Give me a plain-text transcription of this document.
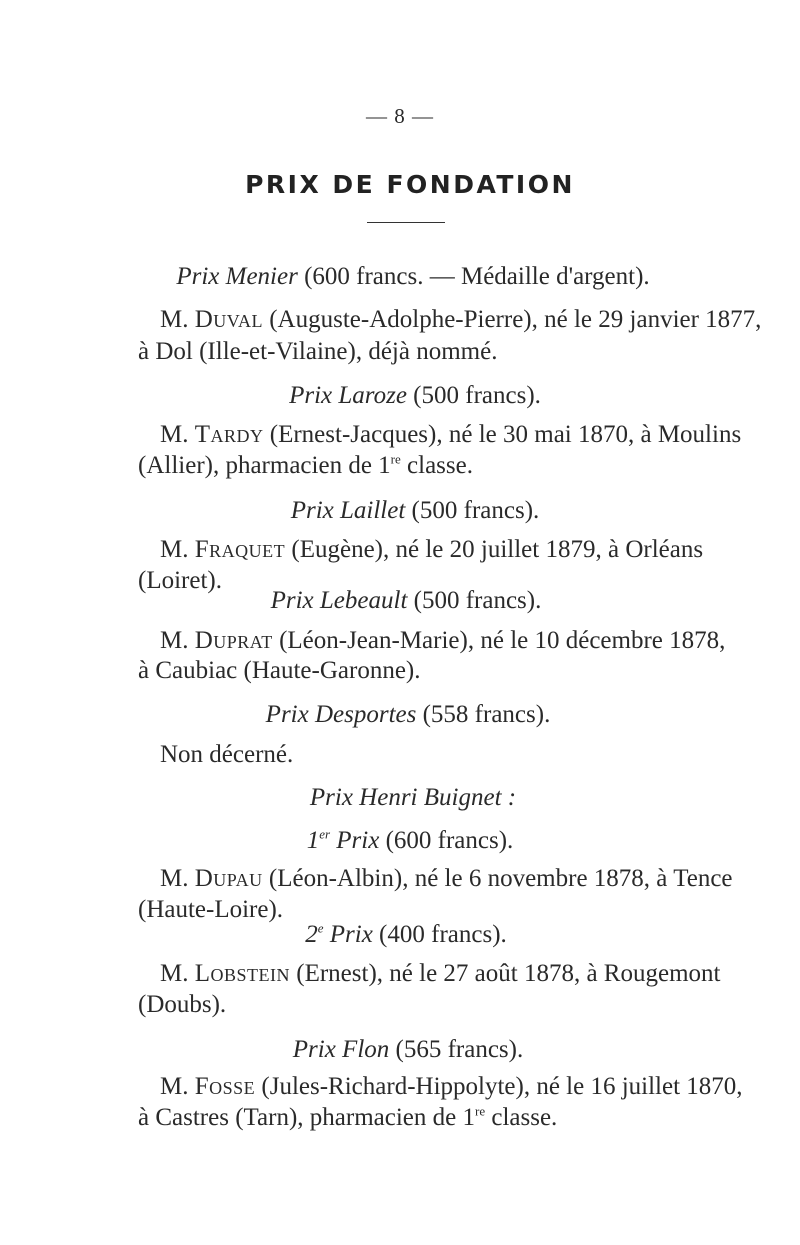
— 8 —
PRIX DE FONDATION
Prix Menier (600 francs. — Médaille d'argent).
M. Duval (Auguste-Adolphe-Pierre), né le 29 janvier 1877,
à Dol (Ille-et-Vilaine), déjà nommé.
Prix Laroze (500 francs).
M. Tardy (Ernest-Jacques), né le 30 mai 1870, à Moulins
(Allier), pharmacien de 1re classe.
Prix Laillet (500 francs).
M. Fraquet (Eugène), né le 20 juillet 1879, à Orléans
(Loiret).
Prix Lebeault (500 francs).
M. Duprat (Léon-Jean-Marie), né le 10 décembre 1878,
à Caubiac (Haute-Garonne).
Prix Desportes (558 francs).
Non décerné.
Prix Henri Buignet :
1er Prix (600 francs).
M. Dupau (Léon-Albin), né le 6 novembre 1878, à Tence
(Haute-Loire).
2e Prix (400 francs).
M. Lobstein (Ernest), né le 27 août 1878, à Rougemont
(Doubs).
Prix Flon (565 francs).
M. Fosse (Jules-Richard-Hippolyte), né le 16 juillet 1870,
à Castres (Tarn), pharmacien de 1re classe.
